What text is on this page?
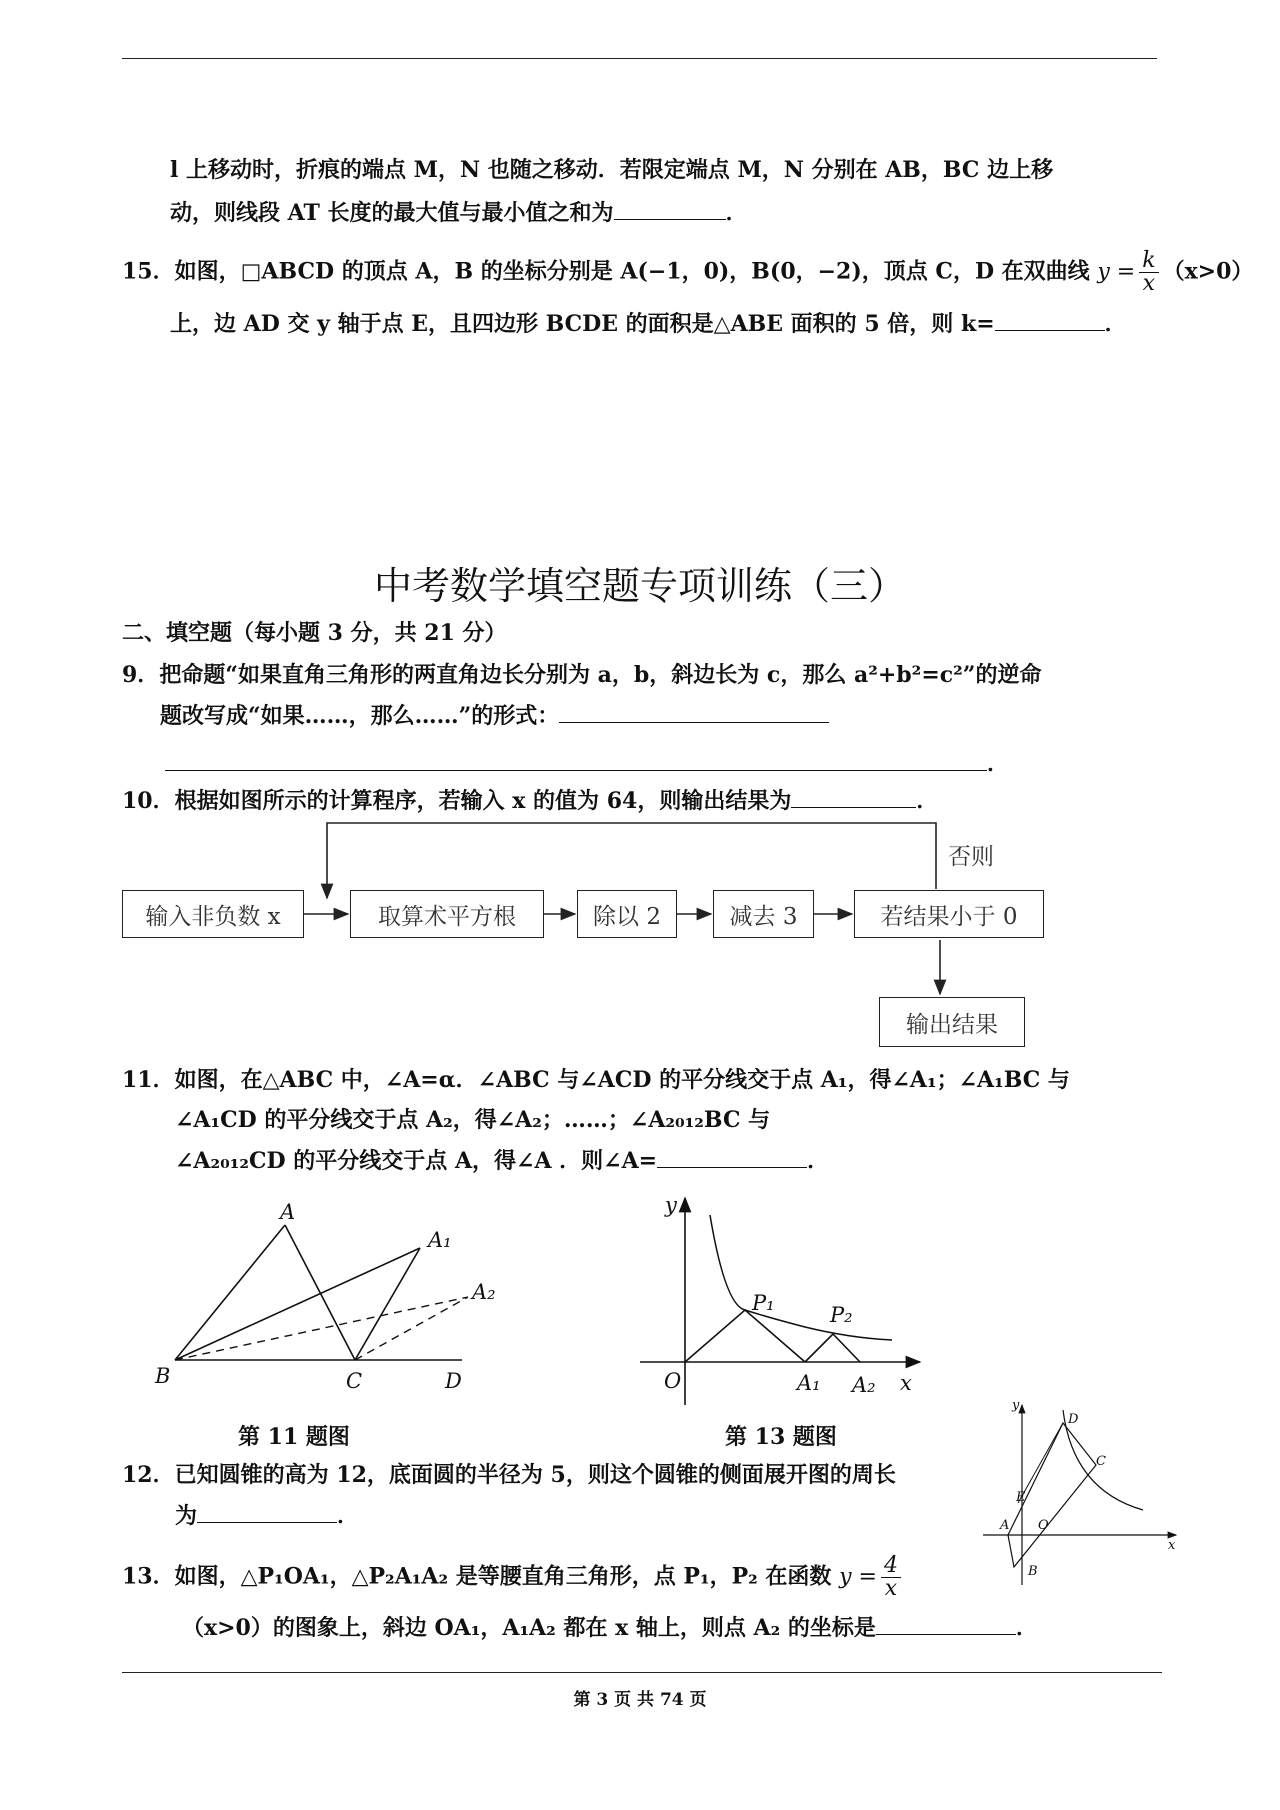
l 上移动时，折痕的端点 M，N 也随之移动．若限定端点 M，N 分别在 AB，BC 边上移
动，则线段 AT 长度的最大值与最小值之和为	．
15．如图，□ABCD 的顶点 A，B 的坐标分别是 A(−1，0)，B(0，−2)，顶点 C，D 在双曲线 $y = \frac{k}{x} (x>0)$
上，边 AD 交 y 轴于点 E，且四边形 BCDE 的面积是△ABE 面积的 5 倍，则 k=	．
中考数学填空题专项训练（三）
二、填空题（每小题 3 分，共 21 分）
9．把命题“如果直角三角形的两直角边长分别为 a，b，斜边长为 c，那么 a²+b²=c²”的逆命
题改写成“如果……，那么……”的形式：
．
10．根据如图所示的计算程序，若输入 x 的值为 64，则输出结果为	．
否则
输入非负数 x	取算术平方根	除以 2	减去 3	若结果小于 0
输出结果
11．如图，在△ABC 中，∠A=α．∠ABC 与∠ACD 的平分线交于点 A₁，得∠A₁；∠A₁BC 与
∠A₁CD 的平分线交于点 A₂，得∠A₂；……；∠A₂₀₁₂BC 与
∠A₂₀₁₂CD 的平分线交于点 A，得∠A ．则∠A=	．
A
A₁
A₂
B	C	D
第 11 题图
y
x
O
P₁	P₂
A₁ A₂
第 13 题图
y
x
D
C
E
A O
B
12．已知圆锥的高为 12，底面圆的半径为 5，则这个圆锥的侧面展开图的周长
为	．
13．如图，△P₁OA₁，△P₂A₁A₂ 是等腰直角三角形，点 P₁，P₂ 在函数 $y = \frac{4}{x}$
（x>0）的图象上，斜边 OA₁，A₁A₂ 都在 x 轴上，则点 A₂ 的坐标是	．
第 3 页 共 74 页
